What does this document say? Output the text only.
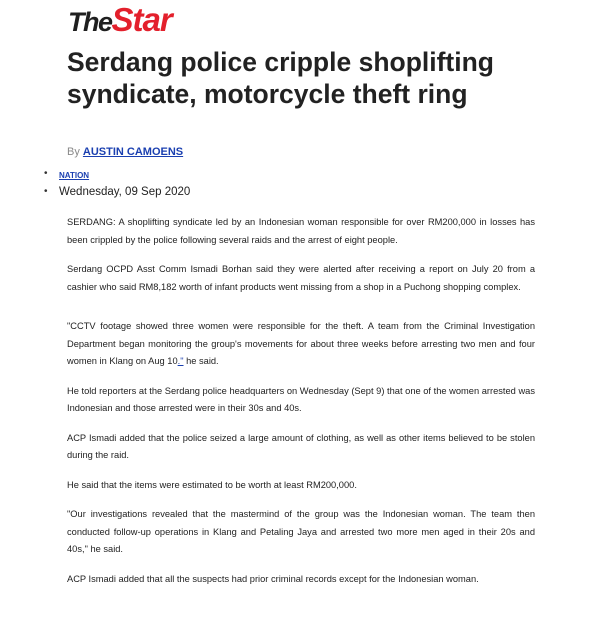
TheStar
Serdang police cripple shoplifting syndicate, motorcycle theft ring
By AUSTIN CAMOENS
• NATION
• Wednesday, 09 Sep 2020

SERDANG: A shoplifting syndicate led by an Indonesian woman responsible for over RM200,000 in losses has been crippled by the police following several raids and the arrest of eight people.

Serdang OCPD Asst Comm Ismadi Borhan said they were alerted after receiving a report on July 20 from a cashier who said RM8,182 worth of infant products went missing from a shop in a Puchong shopping complex.

"CCTV footage showed three women were responsible for the theft. A team from the Criminal Investigation Department began monitoring the group's movements for about three weeks before arresting two men and four women in Klang on Aug 10." he said.

He told reporters at the Serdang police headquarters on Wednesday (Sept 9) that one of the women arrested was Indonesian and those arrested were in their 30s and 40s.

ACP Ismadi added that the police seized a large amount of clothing, as well as other items believed to be stolen during the raid.

He said that the items were estimated to be worth at least RM200,000.

"Our investigations revealed that the mastermind of the group was the Indonesian woman. The team then conducted follow-up operations in Klang and Petaling Jaya and arrested two more men aged in their 20s and 40s," he said.

ACP Ismadi added that all the suspects had prior criminal records except for the Indonesian woman.
